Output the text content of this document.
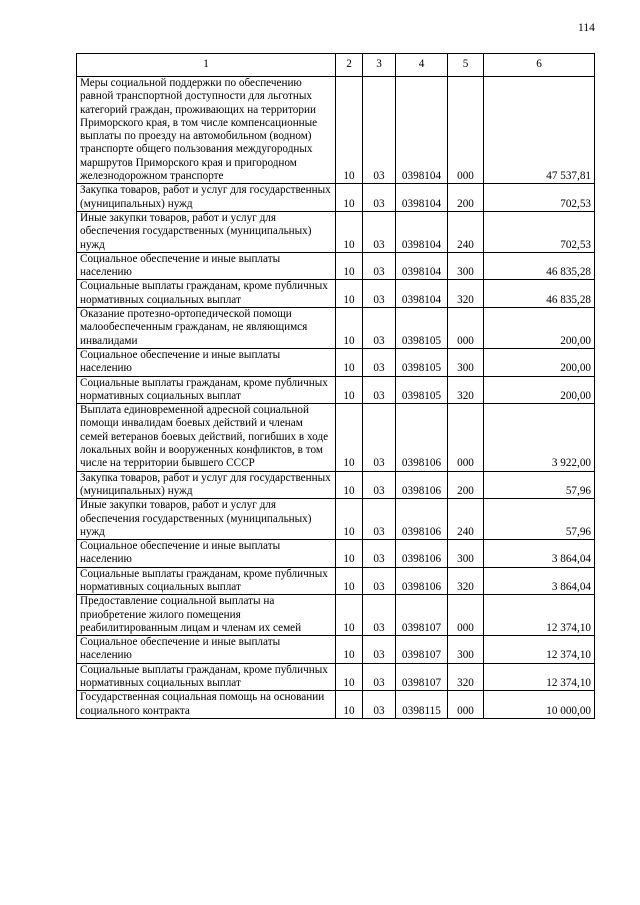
114
1	2	3	4	5	6

Меры социальной поддержки по обеспечению равной транспортной доступности для льготных категорий граждан, проживающих на территории Приморского края, в том числе компенсационные выплаты по проезду на автомобильном (водном) транспорте общего пользования междугородных маршрутов Приморского края и пригородном железнодорожном транспорте	10	03	0398104	000	47 537,81

Закупка товаров, работ и услуг для государственных (муниципальных) нужд	10	03	0398104	200	702,53

Иные закупки товаров, работ и услуг для обеспечения государственных (муниципальных) нужд	10	03	0398104	240	702,53

Социальное обеспечение и иные выплаты населению	10	03	0398104	300	46 835,28

Социальные выплаты гражданам, кроме публичных нормативных социальных выплат	10	03	0398104	320	46 835,28

Оказание протезно-ортопедической помощи малообеспеченным гражданам, не являющимся инвалидами	10	03	0398105	000	200,00

Социальное обеспечение и иные выплаты населению	10	03	0398105	300	200,00

Социальные выплаты гражданам, кроме публичных нормативных социальных выплат	10	03	0398105	320	200,00

Выплата единовременной адресной социальной помощи инвалидам боевых действий и членам семей ветеранов боевых действий, погибших в ходе локальных войн и вооруженных конфликтов, в том числе на территории бывшего СССР	10	03	0398106	000	3 922,00

Закупка товаров, работ и услуг для государственных (муниципальных) нужд	10	03	0398106	200	57,96

Иные закупки товаров, работ и услуг для обеспечения государственных (муниципальных) нужд	10	03	0398106	240	57,96

Социальное обеспечение и иные выплаты населению	10	03	0398106	300	3 864,04

Социальные выплаты гражданам, кроме публичных нормативных социальных выплат	10	03	0398106	320	3 864,04

Предоставление социальной выплаты на приобретение жилого помещения реабилитированным лицам и членам их семей	10	03	0398107	000	12 374,10

Социальное обеспечение и иные выплаты населению	10	03	0398107	300	12 374,10

Социальные выплаты гражданам, кроме публичных нормативных социальных выплат	10	03	0398107	320	12 374,10

Государственная социальная помощь на основании социального контракта	10	03	0398115	000	10 000,00
